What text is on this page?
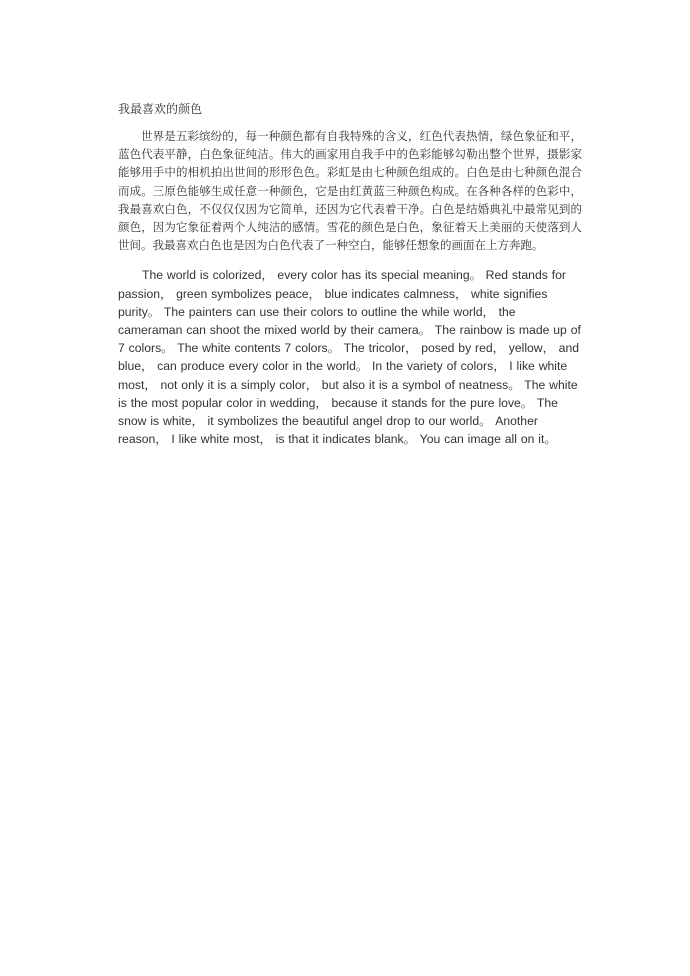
我最喜欢的颜色

世界是五彩缤纷的，每一种颜色都有自我特殊的含义，红色代表热情，绿色象征和平，蓝色代表平静，白色象征纯洁。伟大的画家用自我手中的色彩能够勾勒出整个世界，摄影家能够用手中的相机拍出世间的形形色色。彩虹是由七种颜色组成的。白色是由七种颜色混合而成。三原色能够生成任意一种颜色，它是由红黄蓝三种颜色构成。在各种各样的色彩中，我最喜欢白色，不仅仅仅因为它简单，还因为它代表着干净。白色是结婚典礼中最常见到的颜色，因为它象征着两个人纯洁的感情。雪花的颜色是白色，象征着天上美丽的天使落到人世间。我最喜欢白色也是因为白色代表了一种空白，能够任想象的画面在上方奔跑。

The world is colorized， every color has its special meaning。 Red stands for passion， green symbolizes peace， blue indicates calmness， white signifies purity。 The painters can use their colors to outline the while world， the cameraman can shoot the mixed world by their camera。 The rainbow is made up of 7 colors。 The white contents 7 colors。 The tricolor， posed by red， yellow， and blue， can produce every color in the world。 In the variety of colors， I like white most， not only it is a simply color， but also it is a symbol of neatness。 The white is the most popular color in wedding， because it stands for the pure love。 The snow is white， it symbolizes the beautiful angel drop to our world。 Another reason， I like white most， is that it indicates blank。 You can image all on it。
